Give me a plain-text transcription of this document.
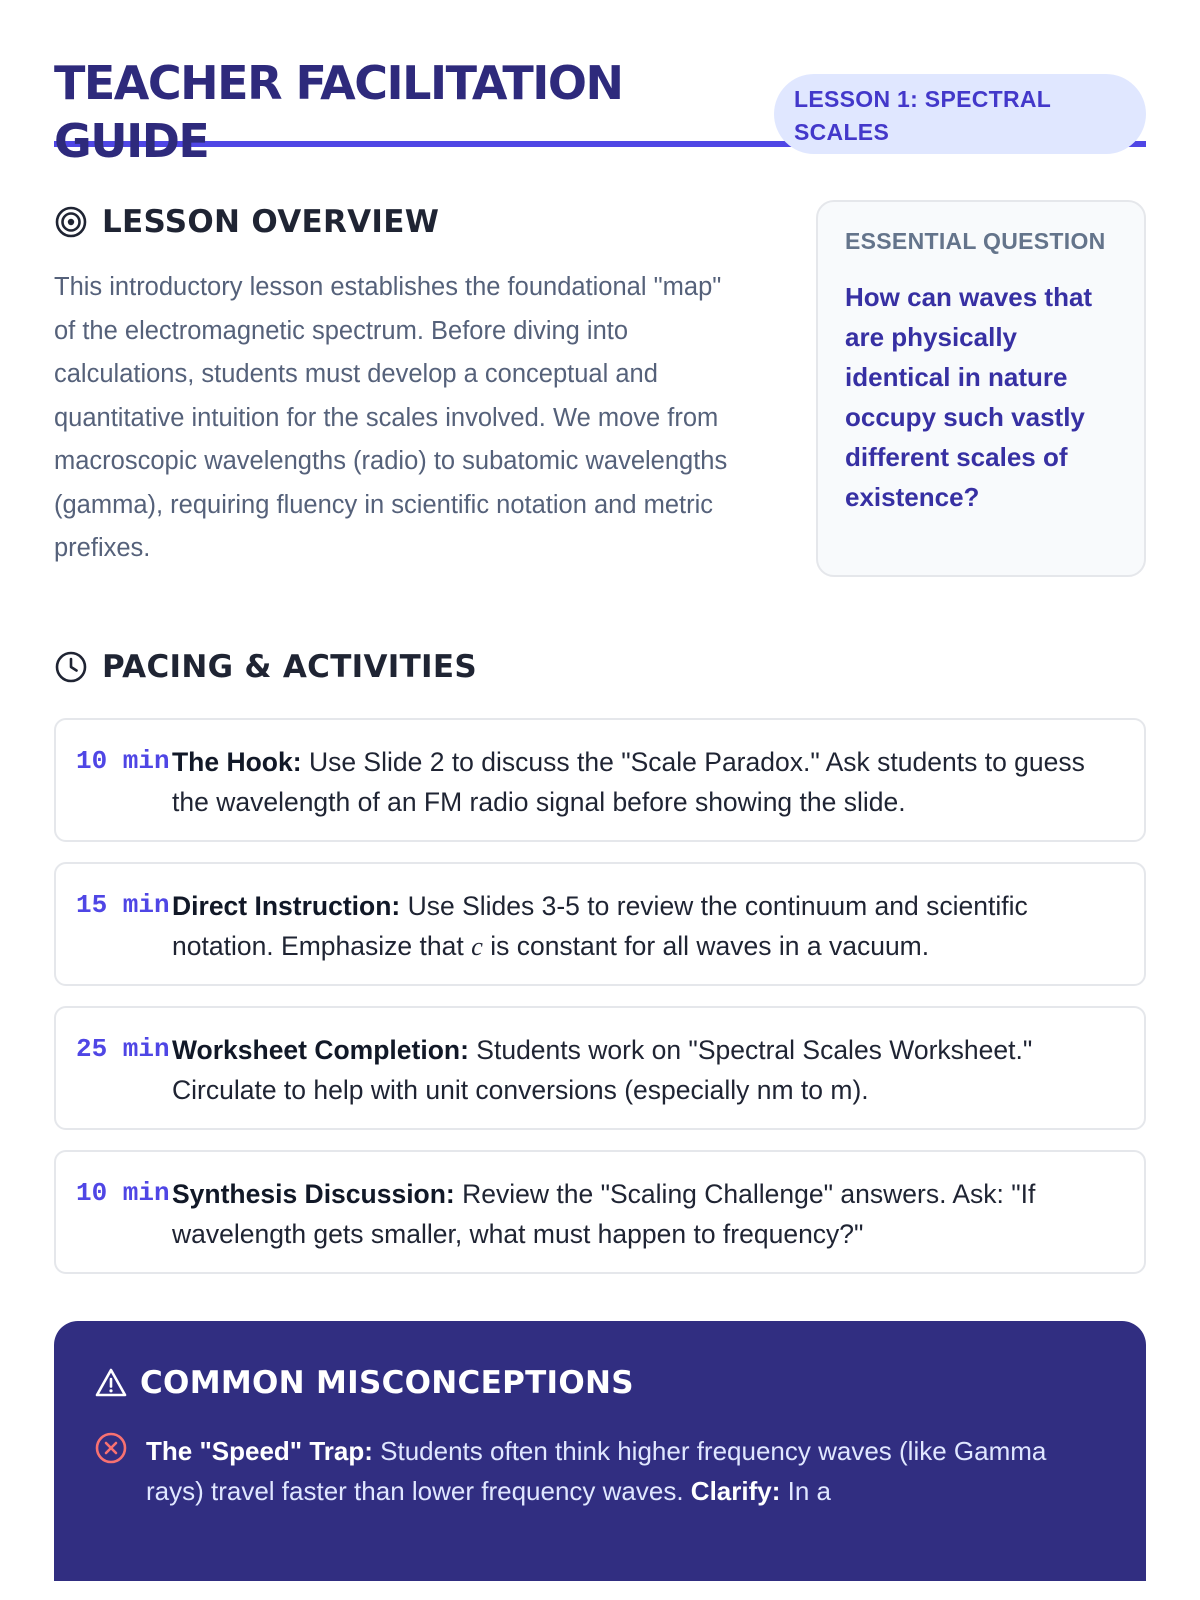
TEACHER FACILITATION GUIDE
LESSON 1: SPECTRAL SCALES
LESSON OVERVIEW

This introductory lesson establishes the foundational "map" of the electromagnetic spectrum. Before diving into calculations, students must develop a conceptual and quantitative intuition for the scales involved. We move from macroscopic wavelengths (radio) to subatomic wavelengths (gamma), requiring fluency in scientific notation and metric prefixes.

ESSENTIAL QUESTION
How can waves that are physically identical in nature occupy such vastly different scales of existence?
PACING & ACTIVITIES
10 min The Hook: Use Slide 2 to discuss the "Scale Paradox." Ask students to guess the wavelength of an FM radio signal before showing the slide.
15 min Direct Instruction: Use Slides 3-5 to review the continuum and scientific notation. Emphasize that c is constant for all waves in a vacuum.
25 min Worksheet Completion: Students work on "Spectral Scales Worksheet." Circulate to help with unit conversions (especially nm to m).
10 min Synthesis Discussion: Review the "Scaling Challenge" answers. Ask: "If wavelength gets smaller, what must happen to frequency?"
COMMON MISCONCEPTIONS
The "Speed" Trap: Students often think higher frequency waves (like Gamma rays) travel faster than lower frequency waves. Clarify: In a
